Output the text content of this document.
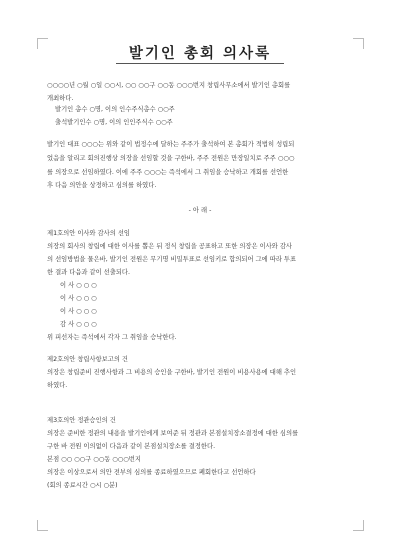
발기인 총회 의사록
○○○○년 ○월 ○일 ○○시, ○○ ○○구 ○○동 ○○○번지 창립사무소에서 발기인 총회를
개최하다.
발기인 총수 ○명, 이의 인수주식총수 ○○주
출석발기인수 ○명, 이의 인인주식수 ○○주
발기인 대표 ○○○는 위와 같이 법정수에 달하는 주주가 출석하여 본 총회가 적법히 성립되
었음을 알리고 회의진행상 의장을 선임할 것을 구한바, 주주 전원은 만장일치로 주주 ○○○
를 의장으로 선임하였다. 이에 주주 ○○○는 즉석에서 그 취임을 승낙하고 개회를 선언한
후 다음 의안을 상정하고 심의를 하였다.
- 아 래 -
제1호의안 이사와 감사의 선임
의장의 회사의 창립에 대한 이사를 뽑은 뒤 정식 창립을 공표하고 또한 의장은 이사와 감사
의 선임방법을 물은바, 발기인 전원은 무기명 비밀투표로 선임키로 합의되어 그에 따라 투표
한 결과 다음과 같이 선출되다.
이 사 ○ ○ ○
이 사 ○ ○ ○
이 사 ○ ○ ○
감 사 ○ ○ ○
위 피선자는 즉석에서 각자 그 취임을 승낙한다.
제2호의안 창립사항보고의 건
의장은 창립준비 진행사항과 그 비용의 승인을 구한바, 발기인 전원이 비용사용에 대해 추인
하였다.
제3호의안 정관승인의 건
의장은 준비한 정관의 내용을 발기인에게 보여준 뒤 정관과 본점설치장소결정에 대한 심의를
구한 바 전원 이의없이 다음과 같이 본점설치장소를 결정한다.
본점 ○○ ○○구 ○○동 ○○○번지
의장은 이상으로서 의안 전부의 심의를 종료하였으므로 폐회한다고 선언하다
(회의 종료시간 ○시 ○분)
